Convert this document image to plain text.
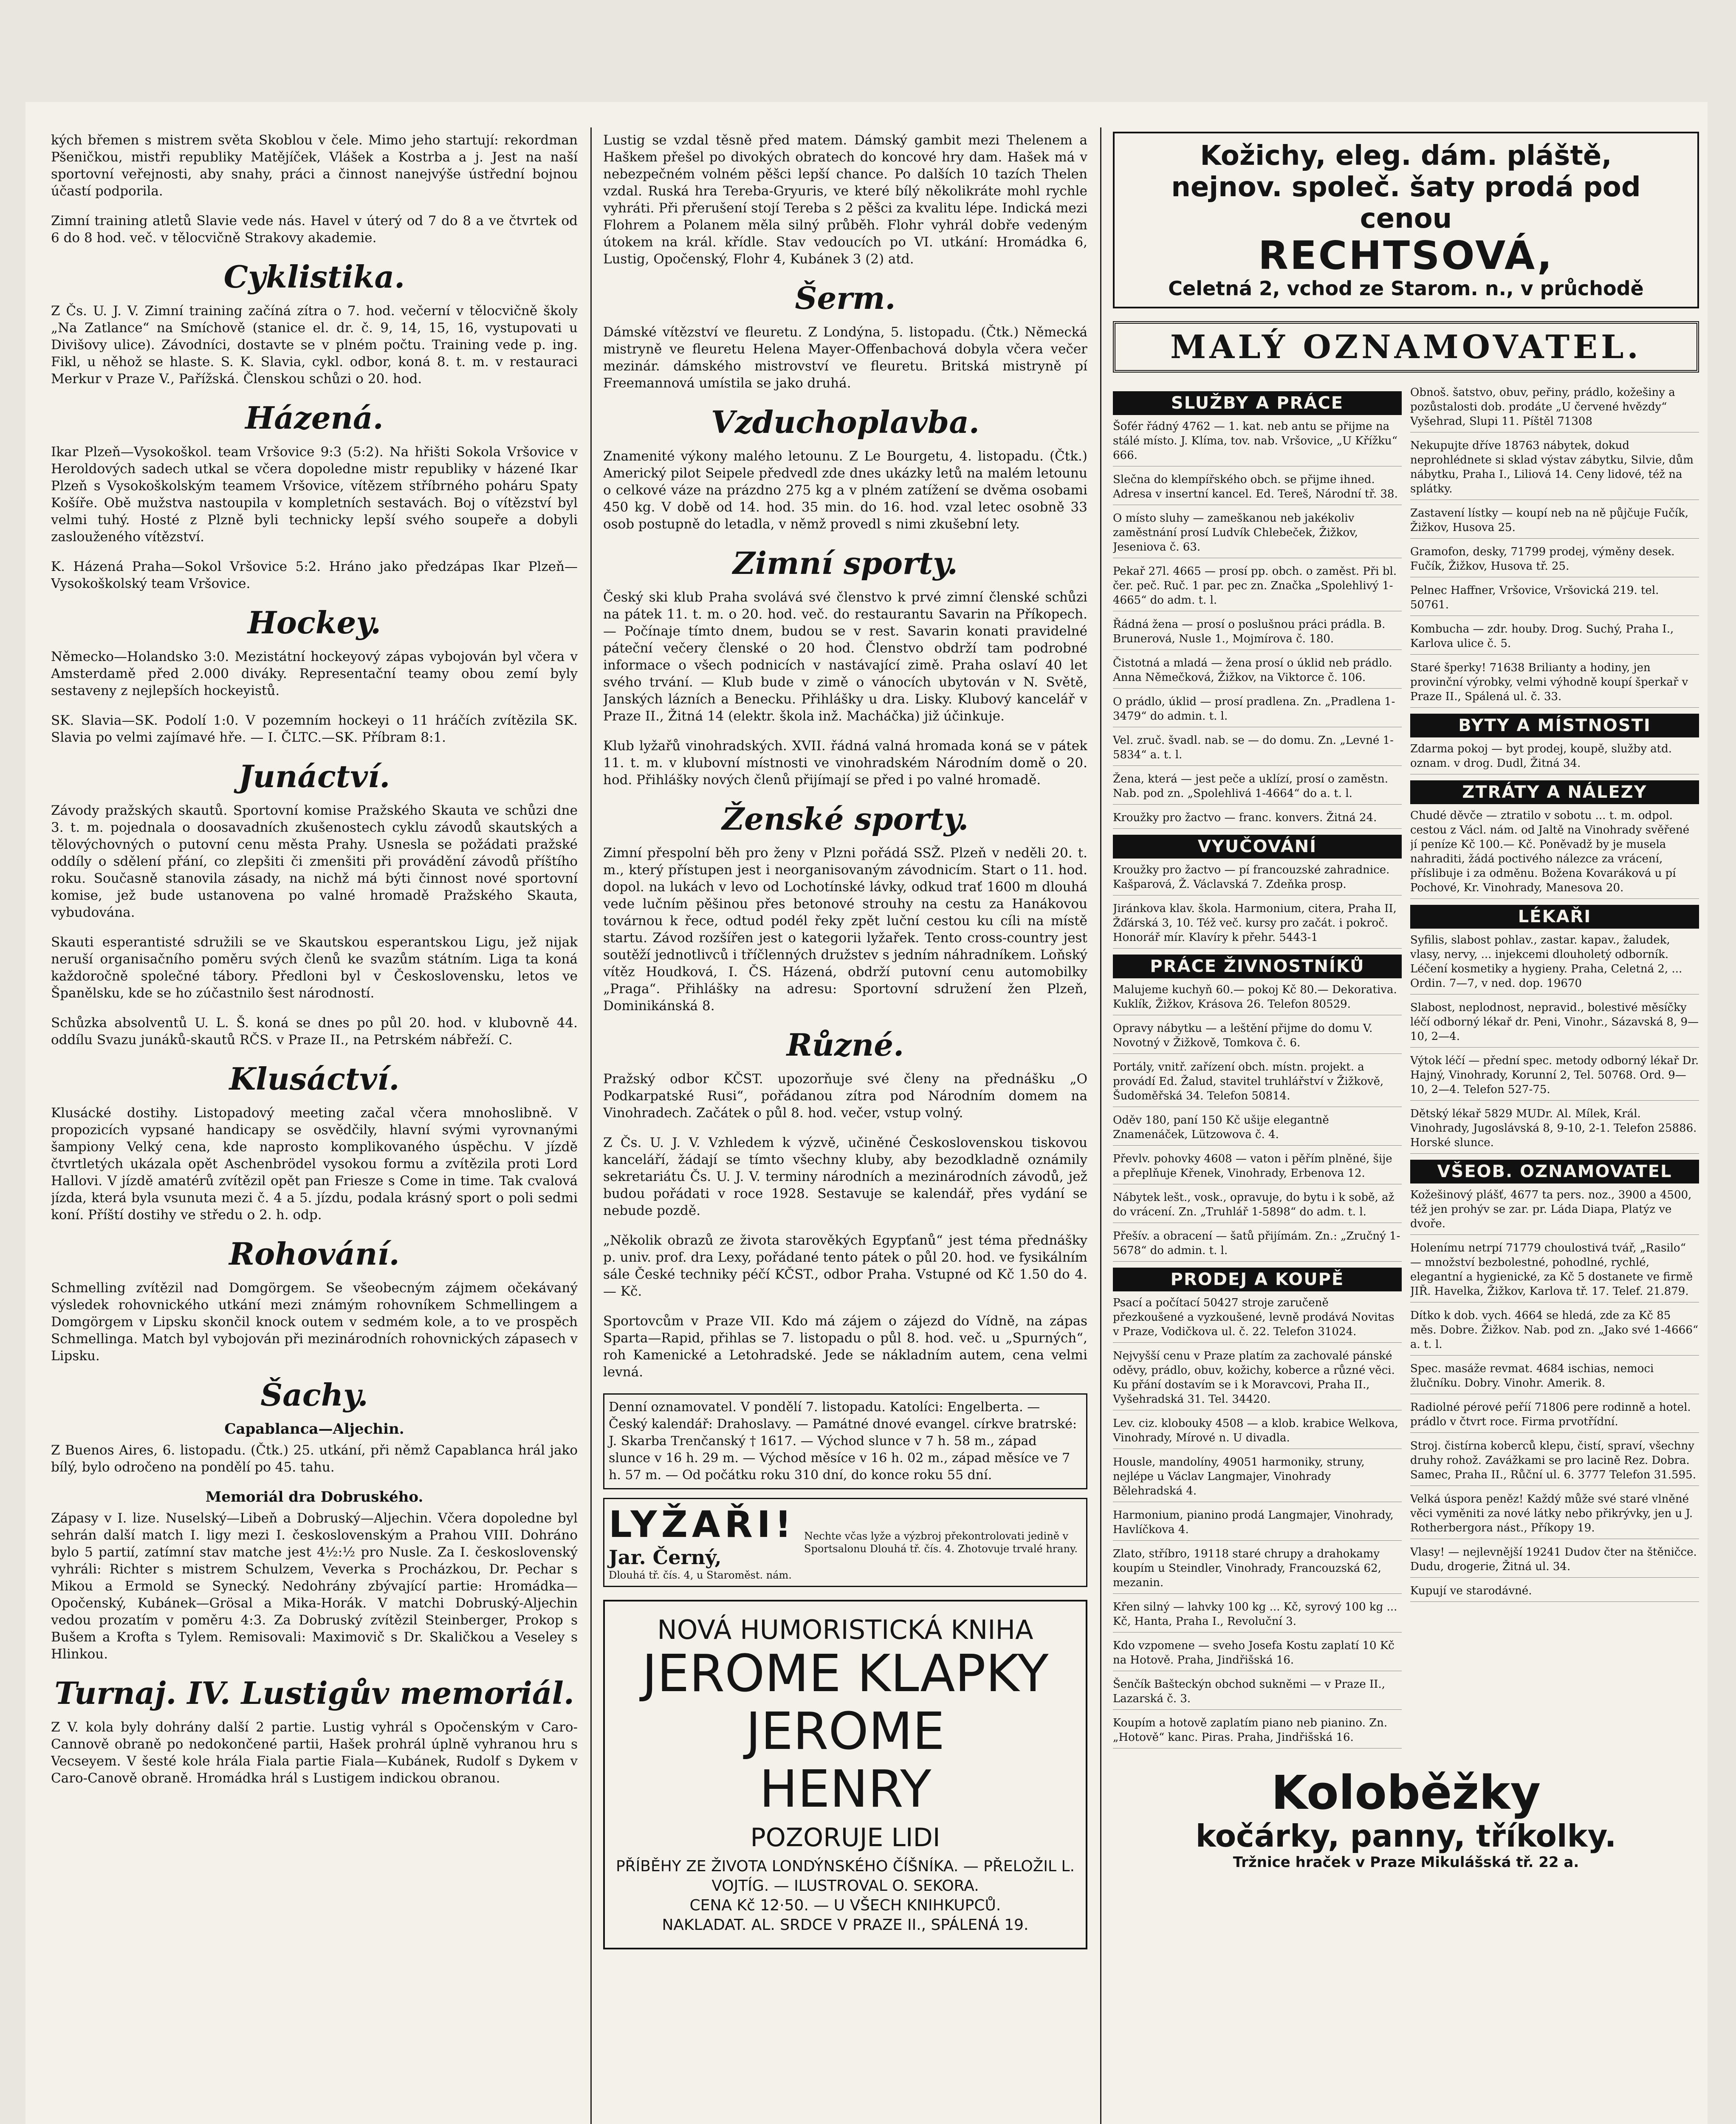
kých břemen s mistrem světa Skoblou v čele. Mimo jeho startují: rekordman Pšeničkou, mistři republiky Matějíček, Vlášek a Kostrba a j. Jest na naší sportovní veřejnosti, aby snahy, práci a činnost nanejvýše ústřední bojnou účastí podporila.

Zimní training atletů Slavie vede nás. Havel v úterý od 7 do 8 a ve čtvrtek od 6 do 8 hod. več. v tělocvičně Strakovy akademie.

Cyklistika.

Z Čs. U. J. V. Zimní training začíná zítra o 7. hod. večerní v tělocvičně školy „Na Zatlance“ na Smíchově (stanice el. dr. č. 9, 14, 15, 16, vystupovati u Divišovy ulice). Závodníci, dostavte se v plném počtu. Training vede p. ing. Fikl, u něhož se hlaste. S. K. Slavia, cykl. odbor, koná 8. t. m. v restauraci Merkur v Praze V., Pařížská. Členskou schůzi o 20. hod.

Házená.

Ikar Plzeň—Vysokoškol. team Vršovice 9:3 (5:2). Na hřišti Sokola Vršovice v Heroldových sadech utkal se včera dopoledne mistr republiky v házené Ikar Plzeň s Vysokoškolským teamem Vršovice, vítězem stříbrného poháru Spaty Košíře. Obě mužstva nastoupila v kompletních sestavách. Boj o vítězství byl velmi tuhý. Hosté z Plzně byli technicky lepší svého soupeře a dobyli zaslouženého vítězství.

K. Házená Praha—Sokol Vršovice 5:2. Hráno jako předzápas Ikar Plzeň—Vysokoškolský team Vršovice.

Hockey.

Německo—Holandsko 3:0. Mezistátní hockeyový zápas vybojován byl včera v Amsterdamě před 2.000 diváky. Representační teamy obou zemí byly sestaveny z nejlepších hockeyistů.

SK. Slavia—SK. Podolí 1:0. V pozemním hockeyi o 11 hráčích zvítězila SK. Slavia po velmi zajímavé hře. — I. ČLTC.—SK. Příbram 8:1.

Junáctví.

Závody pražských skautů. Sportovní komise Pražského Skauta ve schůzi dne 3. t. m. pojednala o doosavadních zkušenostech cyklu závodů skautských a tělovýchovných o putovní cenu města Prahy. Usnesla se požádati pražské oddíly o sdělení přání, co zlepšiti či zmenšiti při provádění závodů příštího roku. Současně stanovila zásady, na nichž má býti činnost nové sportovní komise, jež bude ustanovena po valné hromadě Pražského Skauta, vybudována.

Skauti esperantisté sdružili se ve Skautskou esperantskou Ligu, jež nijak neruší organisačního poměru svých členů ke svazům státním. Liga ta koná každoročně společné tábory. Předloni byl v Československu, letos ve Španělsku, kde se ho zúčastnilo šest národností.

Schůzka absolventů U. L. Š. koná se dnes po půl 20. hod. v klubovně 44. oddílu Svazu junáků-skautů RČS. v Praze II., na Petrském nábřeží. C.

Klusáctví.

Klusácké dostihy. Listopadový meeting začal včera mnohoslibně. V propozicích vypsané handicapy se osvědčily, hlavní svými vyrovnanými šampiony Velký cena, kde naprosto komplikovaného úspěchu. V jízdě čtvrtletých ukázala opět Aschenbrödel vysokou formu a zvítězila proti Lord Hallovi. V jízdě amatérů zvítězil opět pan Friesze s Come in time. Tak cvalová jízda, která byla vsunuta mezi č. 4 a 5. jízdu, podala krásný sport o poli sedmi koní. Příští dostihy ve středu o 2. h. odp.

Rohování.

Schmelling zvítězil nad Domgörgem. Se všeobecným zájmem očekávaný výsledek rohovnického utkání mezi známým rohovníkem Schmellingem a Domgörgem v Lipsku skončil knock outem v sedmém kole, a to ve prospěch Schmellinga. Match byl vybojován při mezinárodních rohovnických zápasech v Lipsku.

Šachy.
Capablanca—Aljechin.

Z Buenos Aires, 6. listopadu. (Čtk.) 25. utkání, při němž Capablanca hrál jako bílý, bylo odročeno na pondělí po 45. tahu.

Memoriál dra Dobruského.

Zápasy v I. lize. Nuselský—Libeň a Dobruský—Aljechin. Včera dopoledne byl sehrán další match I. ligy mezi I. československým a Prahou VIII. Dohráno bylo 5 partií, zatímní stav matche jest 4½:½ pro Nusle. Za I. československý vyhráli: Richter s mistrem Schulzem, Veverka s Procházkou, Dr. Pechar s Mikou a Ermold se Synecký. Nedohrány zbývající partie: Hromádka—Opočenský, Kubánek—Grösal a Mika-Horák. V matchi Dobruský-Aljechin vedou prozatím v poměru 4:3. Za Dobruský zvítězil Steinberger, Prokop s Bušem a Krofta s Tylem. Remisovali: Maximovič s Dr. Skaličkou a Veseley s Hlinkou.

Turnaj. IV. Lustigův memoriál.

Z V. kola byly dohrány další 2 partie. Lustig vyhrál s Opočenským v Caro-Cannově obraně po nedokončené partii, Hašek prohrál úplně vyhranou hru s Vecseyem. V šesté kole hrála Fiala partie Fiala—Kubánek, Rudolf s Dykem v Caro-Canově obraně. Hromádka hrál s Lustigem indickou obranou.

Lustig se vzdal těsně před matem. Dámský gambit mezi Thelenem a Haškem přešel po divokých obratech do koncové hry dam. Hašek má v nebezpečném volném pěšci lepší chance. Po dalších 10 tazích Thelen vzdal. Ruská hra Tereba-Gryuris, ve které bílý několikráte mohl rychle vyhráti. Při přerušení stojí Tereba s 2 pěšci za kvalitu lépe. Indická mezi Flohrem a Polanem měla silný průběh. Flohr vyhrál dobře vedeným útokem na král. křídle. Stav vedoucích po VI. utkání: Hromádka 6, Lustig, Opočenský, Flohr 4, Kubánek 3 (2) atd.

Šerm.

Dámské vítězství ve fleuretu. Z Londýna, 5. listopadu. (Čtk.) Německá mistryně ve fleuretu Helena Mayer-Offenbachová dobyla včera večer mezinár. dámského mistrovství ve fleuretu. Britská mistryně pí Freemannová umístila se jako druhá.

Vzduchoplavba.

Znamenité výkony malého letounu. Z Le Bourgetu, 4. listopadu. (Čtk.) Americký pilot Seipele předvedl zde dnes ukázky letů na malém letounu o celkové váze na prázdno 275 kg a v plném zatížení se dvěma osobami 450 kg. V době od 14. hod. 35 min. do 16. hod. vzal letec osobně 33 osob postupně do letadla, v němž provedl s nimi zkušební lety.

Zimní sporty.

Český ski klub Praha svolává své členstvo k prvé zimní členské schůzi na pátek 11. t. m. o 20. hod. več. do restaurantu Savarin na Příkopech. — Počínaje tímto dnem, budou se v rest. Savarin konati pravidelné páteční večery členské o 20 hod. Členstvo obdrží tam podrobné informace o všech podnicích v nastávající zimě. Praha oslaví 40 let svého trvání. — Klub bude v zimě o vánocích ubytován v N. Světě, Janských lázních a Benecku. Přihlášky u dra. Lisky. Klubový kancelář v Praze II., Žitná 14 (elektr. škola inž. Macháčka) již účinkuje.

Klub lyžařů vinohradských. XVII. řádná valná hromada koná se v pátek 11. t. m. v klubovní místnosti ve vinohradském Národním domě o 20. hod. Přihlášky nových členů přijímají se před i po valné hromadě.

Ženské sporty.

Zimní přespolní běh pro ženy v Plzni pořádá SSŽ. Plzeň v neděli 20. t. m., který přístupen jest i neorganisovaným závodnicím. Start o 11. hod. dopol. na lukách v levo od Lochotínské lávky, odkud trať 1600 m dlouhá vede lučním pěšinou přes betonové strouhy na cestu za Hanákovou továrnou k řece, odtud podél řeky zpět luční cestou ku cíli na místě startu. Závod rozšířen jest o kategorii lyžařek. Tento cross-country jest soutěží jednotlivců i tříčlenných družstev s jedním náhradníkem. Loňský vítěz Houdková, I. ČS. Házená, obdrží putovní cenu automobilky „Praga“. Přihlášky na adresu: Sportovní sdružení žen Plzeň, Dominikánská 8.

Různé.

Pražský odbor KČST. upozorňuje své členy na přednášku „O Podkarpatské Rusi“, pořádanou zítra pod Národním domem na Vinohradech. Začátek o půl 8. hod. večer, vstup volný.

Z Čs. U. J. V. Vzhledem k výzvě, učiněné Československou tiskovou kanceláří, žádají se tímto všechny kluby, aby bezodkladně oznámily sekretariátu Čs. U. J. V. terminy národních a mezinárodních závodů, jež budou pořádati v roce 1928. Sestavuje se kalendář, přes vydání se nebude pozdě.

„Několik obrazů ze života starověkých Egypťanů“ jest téma přednášky p. univ. prof. dra Lexy, pořádané tento pátek o půl 20. hod. ve fysikálním sále České techniky péčí KČST., odbor Praha. Vstupné od Kč 1.50 do 4.— Kč.

Sportovcům v Praze VII. Kdo má zájem o zájezd do Vídně, na zápas Sparta—Rapid, přihlas se 7. listopadu o půl 8. hod. več. u „Spurných“, roh Kamenické a Letohradské. Jede se nákladním autem, cena velmi levná.

Denní oznamovatel. V pondělí 7. listopadu. Katolíci: Engelberta. — Český kalendář: Drahoslavy. — Památné dnové evangel. církve bratrské: J. Skarba Trenčanský † 1617. — Východ slunce v 7 h. 58 m., západ slunce v 16 h. 29 m. — Východ měsíce v 16 h. 02 m., západ měsíce ve 7 h. 57 m. — Od počátku roku 310 dní, do konce roku 55 dní.
LYŽAŘI!
Jar. Černý,
Dlouhá tř. čís. 4, u Staroměst. nám.
Nechte včas lyže a výzbroj překontrolovati jedině v Sportsalonu Dlouhá tř. čís. 4. Zhotovuje trvalé hrany.
NOVÁ HUMORISTICKÁ KNIHA
JEROME KLAPKY
JEROME
HENRY
POZORUJE LIDI
PŘÍBĚHY ZE ŽIVOTA LONDÝNSKÉHO ČÍŠNÍKA. — PŘELOŽIL L. VOJTÍG. — ILUSTROVAL O. SEKORA.
CENA Kč 12·50. — U VŠECH KNIHKUPCŮ.
NAKLADAT. AL. SRDCE V PRAZE II., SPÁLENÁ 19.
Kožichy, eleg. dám. pláště,
nejnov. společ. šaty prodá pod cenou
RECHTSOVÁ,
Celetná 2, vchod ze Starom. n., v průchodě
MALÝ OZNAMOVATEL.
SLUŽBY A PRÁCE
Šofér řádný 4762 — 1. kat. neb antu se přijme na stálé místo. J. Klíma, tov. nab. Vršovice, „U Křížku“ 666.
Slečna do klempířského obch. se přijme ihned. Adresa v insertní kancel. Ed. Tereš, Národní tř. 38.
O místo sluhy — zameškanou neb jakékoliv zaměstnání prosí Ludvík Chlebeček, Žižkov, Jeseniova č. 63.
Pekař 27l. 4665 — prosí pp. obch. o zaměst. Při bl. čer. peč. Ruč. 1 par. pec zn. Značka „Spolehlivý 1-4665“ do adm. t. l.
Řádná žena — prosí o poslušnou práci prádla. B. Brunerová, Nusle 1., Mojmírova č. 180.
Čistotná a mladá — žena prosí o úklid neb prádlo. Anna Němečková, Žižkov, na Viktorce č. 106.
O prádlo, úklid — prosí pradlena. Zn. „Pradlena 1-3479“ do admin. t. l.
Vel. zruč. švadl. nab. se — do domu. Zn. „Levné 1-5834“ a. t. l.
Žena, která — jest peče a uklízí, prosí o zaměstn. Nab. pod zn. „Spolehlivá 1-4664“ do a. t. l.
Kroužky pro žactvo — franc. konvers. Žitná 24.
VYUČOVÁNÍ
Kroužky pro žactvo — pí francouzské zahradnice. Kašparová, Ž. Václavská 7. Zdeňka prosp.
Jiránkova klav. škola. Harmonium, citera, Praha II, Žďárská 3, 10. Též več. kursy pro začát. i pokroč. Honorář mír. Klavíry k přehr. 5443-1
PRÁCE ŽIVNOSTNÍKŮ
Malujeme kuchyň 60.— pokoj Kč 80.— Dekorativa. Kuklík, Žižkov, Krásova 26. Telefon 80529.
Opravy nábytku — a leštění přijme do domu V. Novotný v Žižkově, Tomkova č. 6.
Portály, vnitř. zařízení obch. místn. projekt. a provádí Ed. Žalud, stavitel truhlářství v Žižkově, Šudoměřská 34. Telefon 50814.
Oděv 180, paní 150 Kč ušije elegantně Znamenáček, Lützowova č. 4.
Převlv. pohovky 4608 — vaton i pěřím plněné, šije a přeplňuje Křenek, Vinohrady, Erbenova 12.
Nábytek lešt., vosk., opravuje, do bytu i k sobě, až do vrácení. Zn. „Truhlář 1-5898“ do adm. t. l.
Přešív. a obracení — šatů přijímám. Zn.: „Zručný 1-5678“ do admin. t. l.
PRODEJ A KOUPĚ
Psací a počítací 50427 stroje zaručeně přezkoušené a vyzkoušené, levně prodává Novitas v Praze, Vodičkova ul. č. 22. Telefon 31024.
Nejvyšší cenu v Praze platím za zachovalé pánské oděvy, prádlo, obuv, kožichy, koberce a různé věci. Ku přání dostavím se i k Moravcovi, Praha II., Vyšehradská 31. Tel. 34420.
Lev. ciz. klobouky 4508 — a klob. krabice Welkova, Vinohrady, Mírové n. U divadla.
Housle, mandolíny, 49051 harmoniky, struny, nejlépe u Václav Langmajer, Vinohrady Bělehradská 4.
Harmonium, pianino prodá Langmajer, Vinohrady, Havlíčkova 4.
Zlato, stříbro, 19118 staré chrupy a drahokamy koupím u Steindler, Vinohrady, Francouzská 62, mezanin.
Křen silný — lahvky 100 kg ... Kč, syrový 100 kg ... Kč, Hanta, Praha I., Revoluční 3.
Kdo vzpomene — sveho Josefa Kostu zaplatí 10 Kč na Hotově. Praha, Jindřišská 16.
Šenčík Bašteckýn obchod sukněmi — v Praze II., Lazarská č. 3.
Koupím a hotově zaplatím piano neb pianino. Zn. „Hotově“ kanc. Piras. Praha, Jindřišská 16.
Obnoš. šatstvo, obuv, peřiny, prádlo, kožešiny a pozůstalosti dob. prodáte „U červené hvězdy“ Vyšehrad, Slupi 11. Píštěl 71308
Nekupujte dříve 18763 nábytek, dokud neprohlédnete si sklad výstav zábytku, Silvie, dům nábytku, Praha I., Liliová 14. Ceny lidové, též na splátky.
Zastavení lístky — koupí neb na ně půjčuje Fučík, Žižkov, Husova 25.
Gramofon, desky, 71799 prodej, výměny desek. Fučík, Žižkov, Husova tř. 25.
Pelnec Haffner, Vršovice, Vršovická 219. tel. 50761.
Kombucha — zdr. houby. Drog. Suchý, Praha I., Karlova ulice č. 5.
Staré šperky! 71638 Brilianty a hodiny, jen provinční výrobky, velmi výhodně koupí šperkař v Praze II., Spálená ul. č. 33.
BYTY A MÍSTNOSTI
Zdarma pokoj — byt prodej, koupě, služby atd. oznam. v drog. Dudl, Žitná 34.
ZTRÁTY A NÁLEZY
Chudé děvče — ztratilo v sobotu ... t. m. odpol. cestou z Václ. nám. od Jaltě na Vinohrady svěřené jí peníze Kč 100.— Kč. Poněvadž by je musela nahraditi, žádá poctivého nálezce za vrácení, příslibuje i za odměnu. Božena Kovaráková u pí Pochové, Kr. Vinohrady, Manesova 20.
LÉKAŘI
Syfilis, slabost pohlav., zastar. kapav., žaludek, vlasy, nervy, ... injekcemi dlouholetý odborník. Léčení kosmetiky a hygieny. Praha, Celetná 2, ... Ordin. 7—7, v ned. dop. 19670
Slabost, neplodnost, nepravid., bolestivé měsíčky léčí odborný lékař dr. Peni, Vinohr., Sázavská 8, 9—10, 2—4.
Výtok léčí — přední spec. metody odborný lékař Dr. Hajný, Vinohrady, Korunní 2, Tel. 50768. Ord. 9—10, 2—4. Telefon 527-75.
Dětský lékař 5829 MUDr. Al. Mílek, Král. Vinohrady, Jugoslávská 8, 9-10, 2-1. Telefon 25886. Horské slunce.
VŠEOB. OZNAMOVATEL
Kožešinový plášť, 4677 ta pers. noz., 3900 a 4500, též jen prohýv se zar. pr. Láda Diapa, Platýz ve dvoře.
Holenímu netrpí 71779 choulostivá tvář, „Rasilo“ — množství bezbolestné, pohodlné, rychlé, elegantní a hygienické, za Kč 5 dostanete ve firmě JIŘ. Havelka, Žižkov, Karlova tř. 17. Telef. 21.879.
Dítko k dob. vych. 4664 se hledá, zde za Kč 85 měs. Dobre. Žižkov. Nab. pod zn. „Jako své 1-4666“ a. t. l.
Spec. masáže revmat. 4684 ischias, nemoci žlučníku. Dobry. Vinohr. Amerik. 8.
Radiolné pérové peříí 71806 pere rodinně a hotel. prádlo v čtvrt roce. Firma prvotřídní.
Stroj. čistírna koberců klepu, čistí, spraví, všechny druhy rohož. Zavážkami se pro lacině Rez. Dobra. Samec, Praha II., Růční ul. 6. 3777 Telefon 31.595.
Velká úspora peněz! Každý může své staré vlněné věci vyměniti za nové látky nebo přikrývky, jen u J. Rotherbergora nást., Příkopy 19.
Vlasy! — nejlevnější 19241 Dudov čter na štěničce. Dudu, drogerie, Žitná ul. 34.
Kupují ve starodávné.
Koloběžky
kočárky, panny, tříkolky.
Tržnice hraček v Praze Mikulášská tř. 22 a.
